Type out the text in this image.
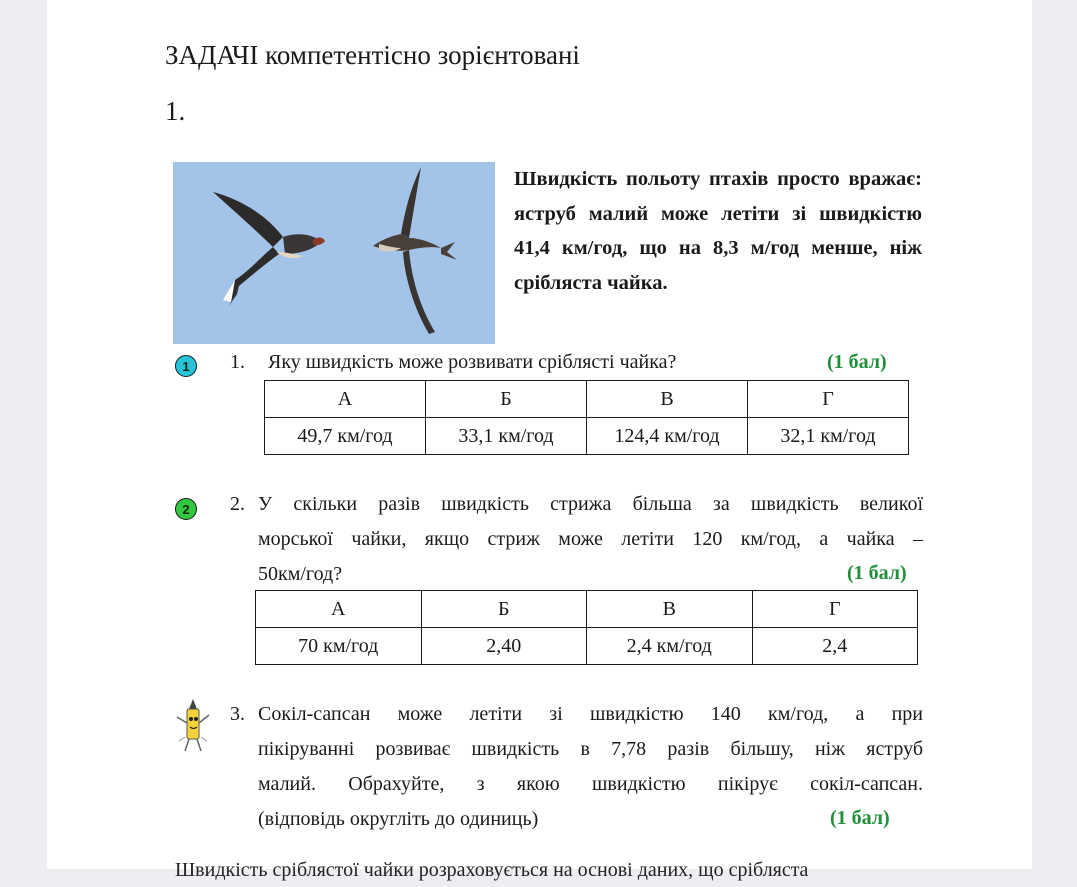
ЗАДАЧІ компетентісно зорієнтовані
1.
Швидкість польоту птахів просто вражає: яструб малий може летіти зі швидкістю 41,4 км/год, що на 8,3 м/год менше, ніж сріблястa чайка.
1	1. Яку швидкість може розвивати сріблясті чайка?	(1 бал)
А	Б	В	Г
49,7 км/год	33,1 км/год	124,4 км/год	32,1 км/год
2	2. У скільки разів швидкість стрижа більша за швидкість великої
морської чайки, якщо стриж може летіти 120 км/год, а чайка –
50км/год?	(1 бал)
А	Б	В	Г
70 км/год	2,40	2,4 км/год	2,4
3. Сокіл-сапсан може летіти зі швидкістю 140 км/год, а при
пікіруванні розвиває швидкість в 7,78 разів більшу, ніж яструб
малий. Обрахуйте, з якою швидкістю пікірує сокіл-сапсан.
(відповідь округліть до одиниць)	(1 бал)
Швидкість сріблястої чайки розраховується на основі даних, що сріблястa
